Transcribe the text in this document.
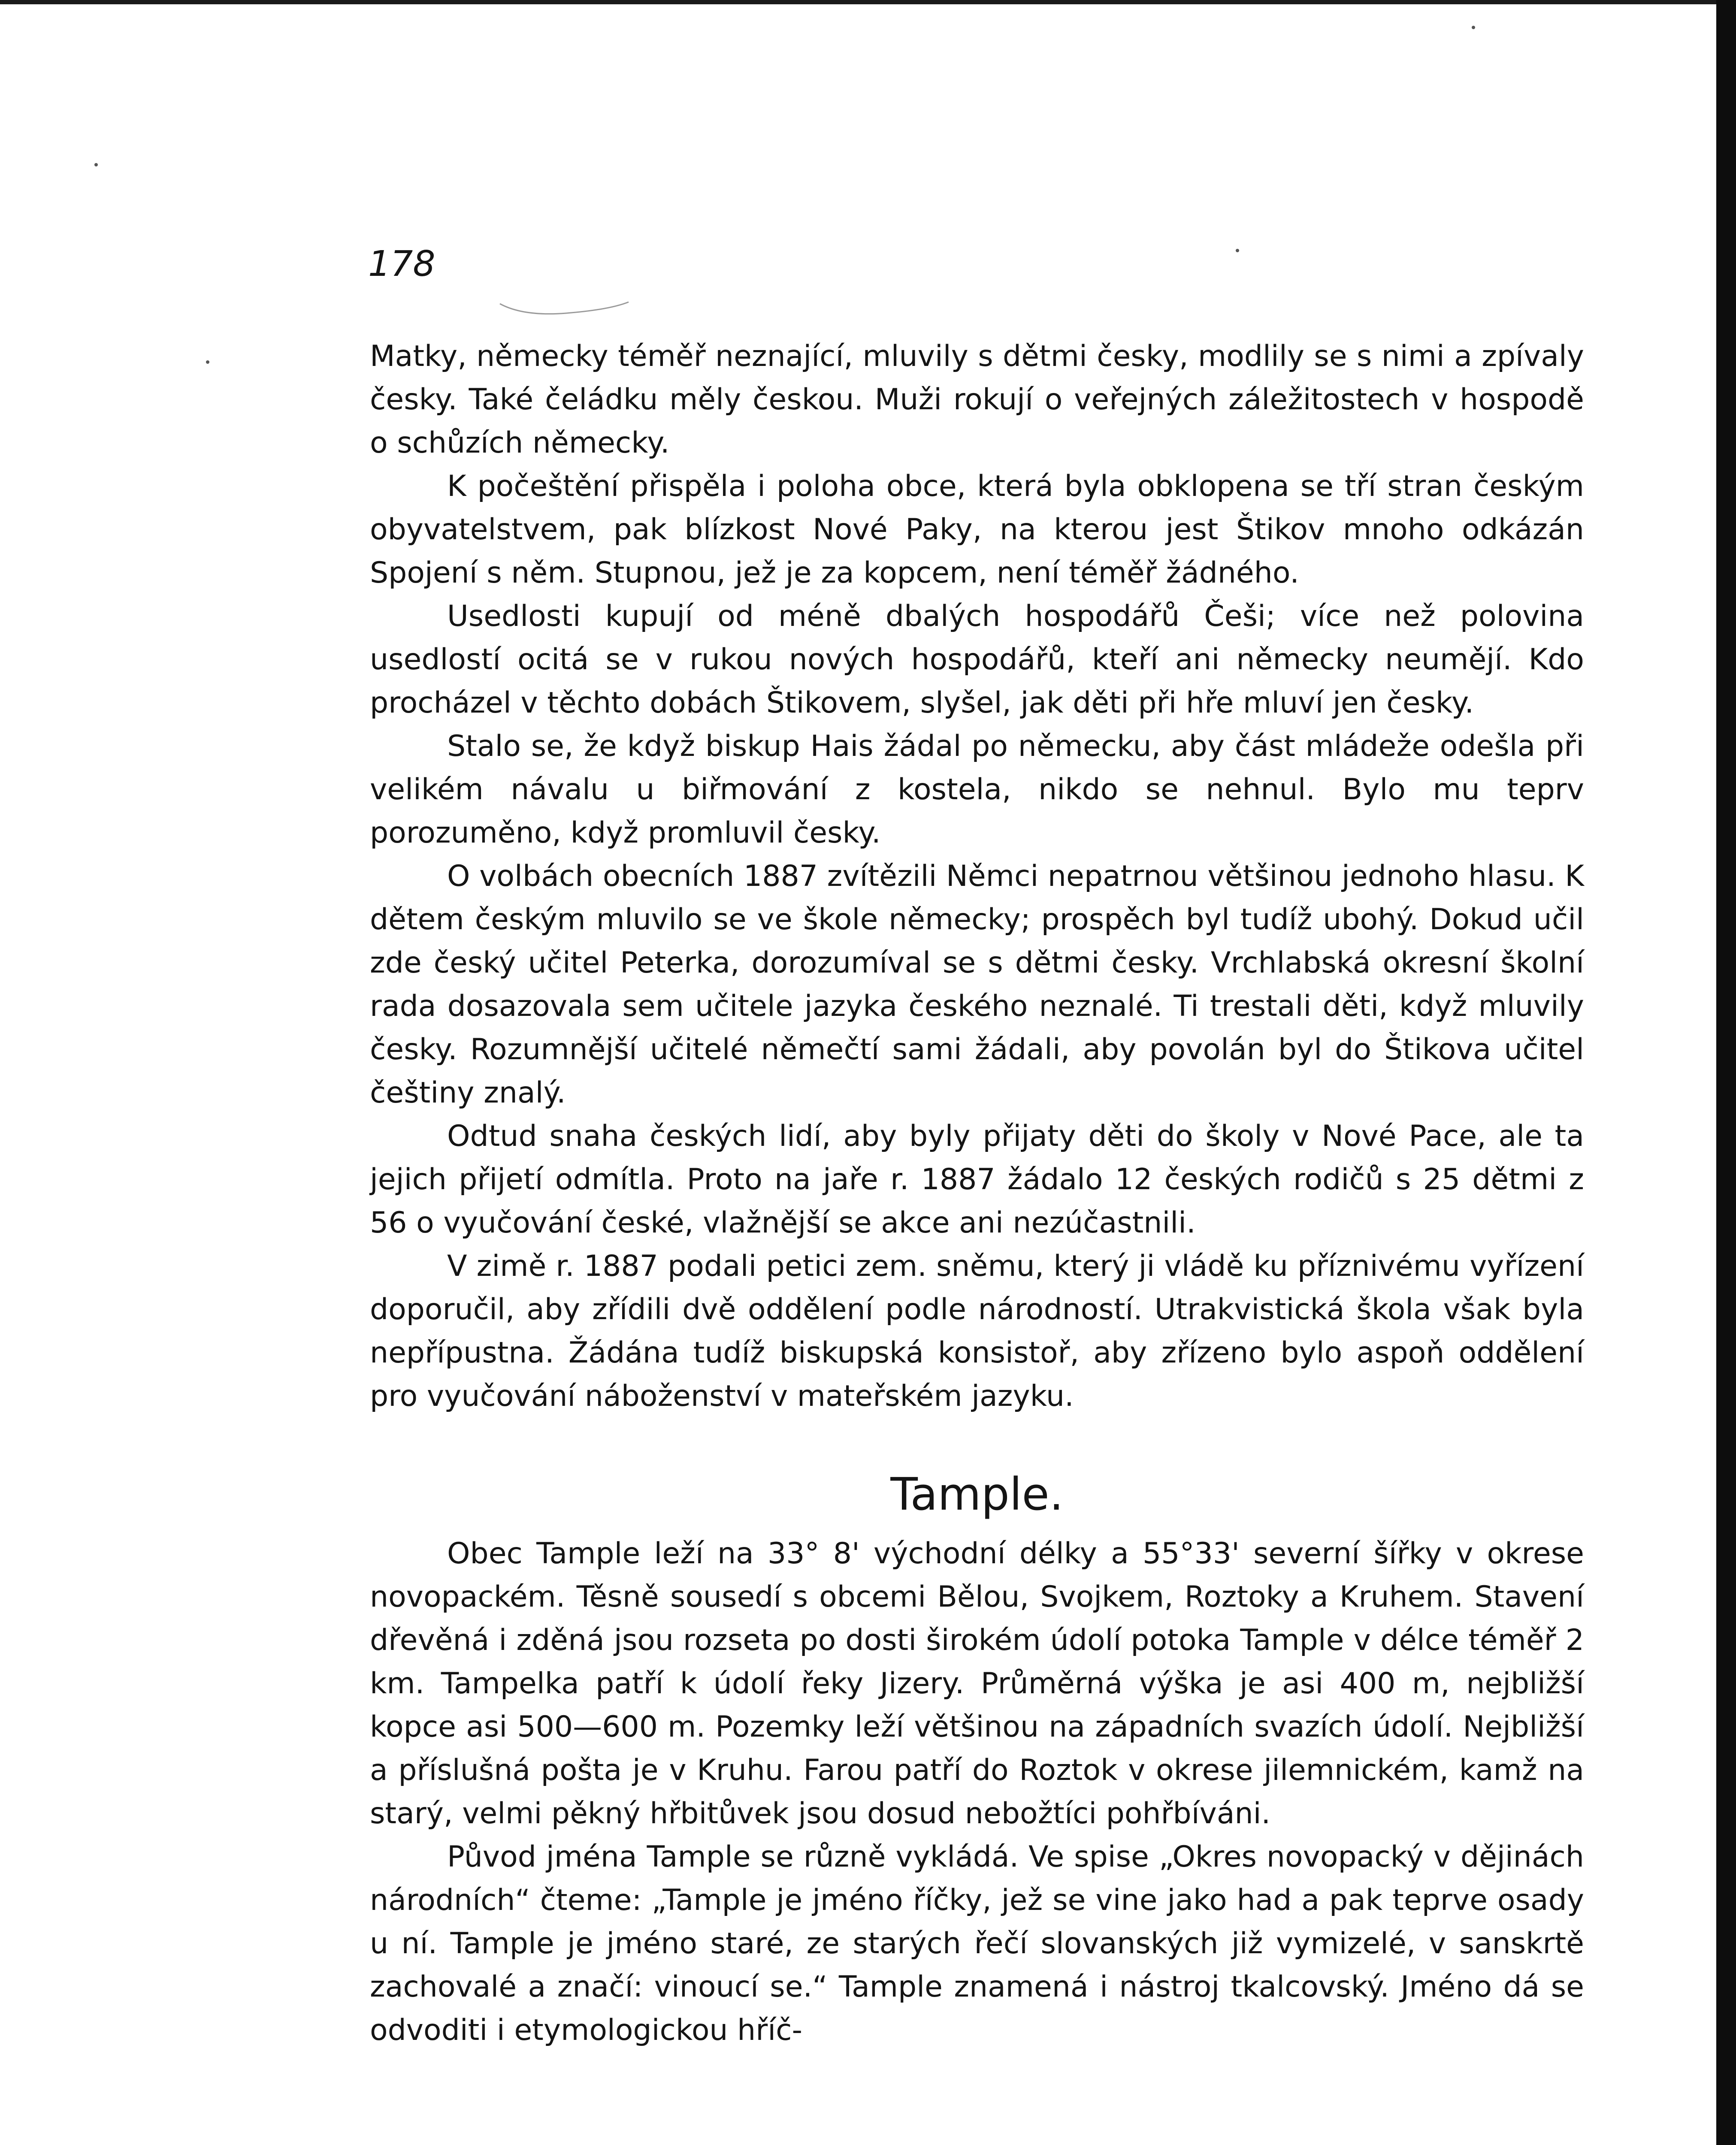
178

Matky, německy téměř neznající, mluvily s dětmi česky, modlily se s nimi a zpívaly česky. Také čeládku měly českou. Muži rokují o veřejných záležitostech v hospodě o schůzích německy.

K počeštění přispěla i poloha obce, která byla obklopena se tří stran českým obyvatelstvem, pak blízkost Nové Paky, na kterou jest Štikov mnoho odkázán Spojení s něm. Stupnou, jež je za kopcem, není téměř žádného.

Usedlosti kupují od méně dbalých hospodářů Češi; více než polovina usedlostí ocitá se v rukou nových hospodářů, kteří ani německy neumějí. Kdo procházel v těchto dobách Štikovem, slyšel, jak děti při hře mluví jen česky.

Stalo se, že když biskup Hais žádal po německu, aby část mládeže odešla při velikém návalu u biřmování z kostela, nikdo se nehnul. Bylo mu teprv porozuměno, když promluvil česky.

O volbách obecních 1887 zvítězili Němci nepatrnou většinou jednoho hlasu. K dětem českým mluvilo se ve škole německy; prospěch byl tudíž ubohý. Dokud učil zde český učitel Peterka, dorozumíval se s dětmi česky. Vrchlabská okresní školní rada dosazovala sem učitele jazyka českého neznalé. Ti trestali děti, když mluvily česky. Rozumnější učitelé němečtí sami žádali, aby povolán byl do Štikova učitel češtiny znalý.

Odtud snaha českých lidí, aby byly přijaty děti do školy v Nové Pace, ale ta jejich přijetí odmítla. Proto na jaře r. 1887 žádalo 12 českých rodičů s 25 dětmi z 56 o vyučování české, vlažnější se akce ani nezúčastnili.

V zimě r. 1887 podali petici zem. sněmu, který ji vládě ku příznivému vyřízení doporučil, aby zřídili dvě oddělení podle národností. Utrakvistická škola však byla nepřípustna. Žádána tudíž biskupská konsistoř, aby zřízeno bylo aspoň oddělení pro vyučování náboženství v mateřském jazyku.

Tample.

Obec Tample leží na 33° 8' východní délky a 55°33' severní šířky v okrese novopackém. Těsně sousedí s obcemi Bělou, Svojkem, Roztoky a Kruhem. Stavení dřevěná i zděná jsou rozseta po dosti širokém údolí potoka Tample v délce téměř 2 km. Tampelka patří k údolí řeky Jizery. Průměrná výška je asi 400 m, nejbližší kopce asi 500—600 m. Pozemky leží většinou na západních svazích údolí. Nejbližší a příslušná pošta je v Kruhu. Farou patří do Roztok v okrese jilemnickém, kamž na starý, velmi pěkný hřbitůvek jsou dosud nebožtíci pohřbíváni.

Původ jména Tample se různě vykládá. Ve spise „Okres novopacký v dějinách národních“ čteme: „Tample je jméno říčky, jež se vine jako had a pak teprve osady u ní. Tample je jméno staré, ze starých řečí slovanských již vymizelé, v sanskrtě zachovalé a značí: vinoucí se.“ Tample znamená i nástroj tkalcovský. Jméno dá se odvoditi i etymologickou hříč-
